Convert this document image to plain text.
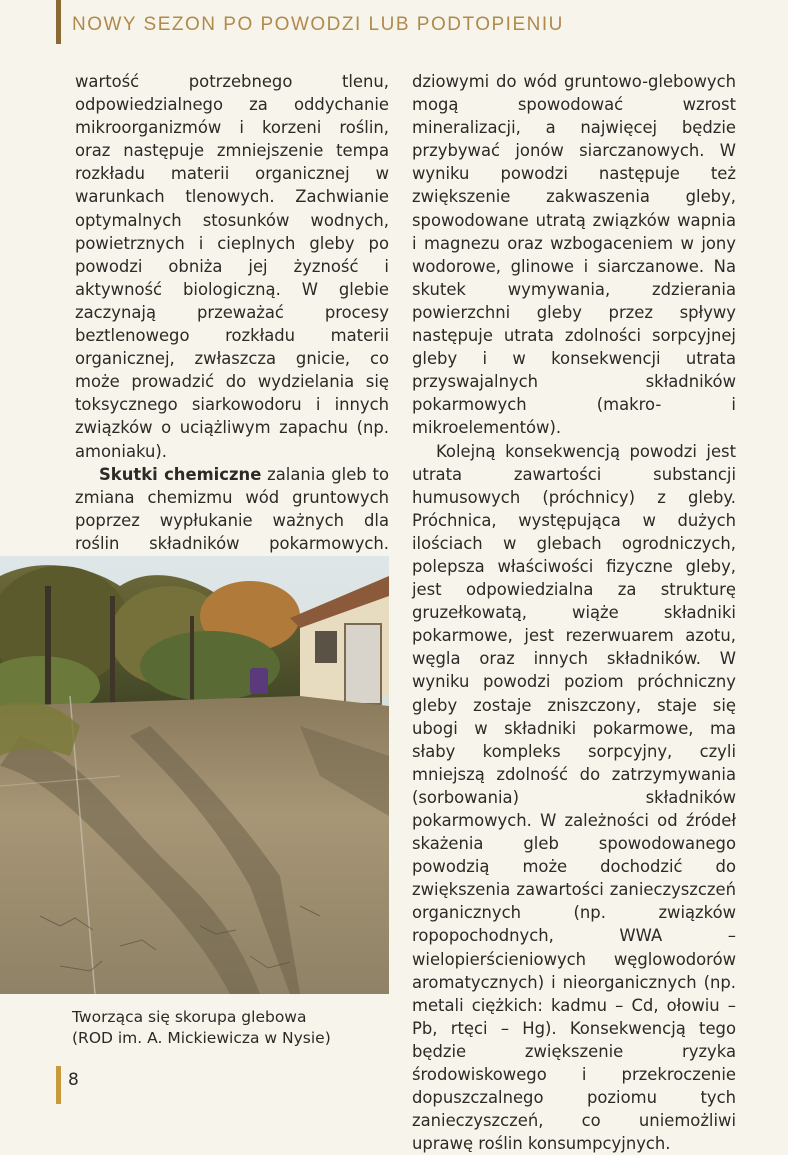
NOWY SEZON PO POWODZI LUB PODTOPIENIU

wartość potrzebnego tlenu, odpowiedzialnego za oddychanie mikroorganizmów i korzeni roślin, oraz następuje zmniejszenie tempa rozkładu materii organicznej w warunkach tlenowych. Zachwianie optymalnych stosunków wodnych, powietrznych i cieplnych gleby po powodzi obniża jej żyzność i aktywność biologiczną. W glebie zaczynają przeważać procesy beztlenowego rozkładu materii organicznej, zwłaszcza gnicie, co może prowadzić do wydzielania się toksycznego siarkowodoru i innych związków o uciążliwym zapachu (np. amoniaku).

Skutki chemiczne zalania gleb to zmiana chemizmu wód gruntowych poprzez wypłukanie ważnych dla roślin składników pokarmowych.

dziowymi do wód gruntowo-glebowych mogą spowodować wzrost mineralizacji, a najwięcej będzie przybywać jonów siarczanowych. W wyniku powodzi następuje też zwiększenie zakwaszenia gleby, spowodowane utratą związków wapnia i magnezu oraz wzbogaceniem w jony wodorowe, glinowe i siarczanowe. Na skutek wymywania, zdzierania powierzchni gleby przez spływy następuje utrata zdolności sorpcyjnej gleby i w konsekwencji utrata przyswajalnych składników pokarmowych (makro- i mikroelementów).

Kolejną konsekwencją powodzi jest utrata zawartości substancji humusowych (próchnicy) z gleby. Próchnica, występująca w dużych ilościach w glebach ogrodniczych, polepsza właściwości fizyczne gleby, jest odpowiedzialna za strukturę gruzełkowatą, wiąże składniki pokarmowe, jest rezerwuarem azotu, węgla oraz innych składników. W wyniku powodzi poziom próchniczny gleby zostaje zniszczony, staje się ubogi w składniki pokarmowe, ma słaby kompleks sorpcyjny, czyli mniejszą zdolność do zatrzymywania (sorbowania) składników pokarmowych. W zależności od źródeł skażenia gleb spowodowanego powodzią może dochodzić do zwiększenia zawartości zanieczyszczeń organicznych (np. związków ropopochodnych, WWA – wielopierścieniowych węglowodorów aromatycznych) i nieorganicznych (np. metali ciężkich: kadmu – Cd, ołowiu – Pb, rtęci – Hg). Konsekwencją tego będzie zwiększenie ryzyka środowiskowego i przekroczenie dopuszczalnego poziomu tych zanieczyszczeń, co uniemożliwi uprawę roślin konsumpcyjnych.

Tworząca się skorupa glebowa
(ROD im. A. Mickiewicza w Nysie)
8
